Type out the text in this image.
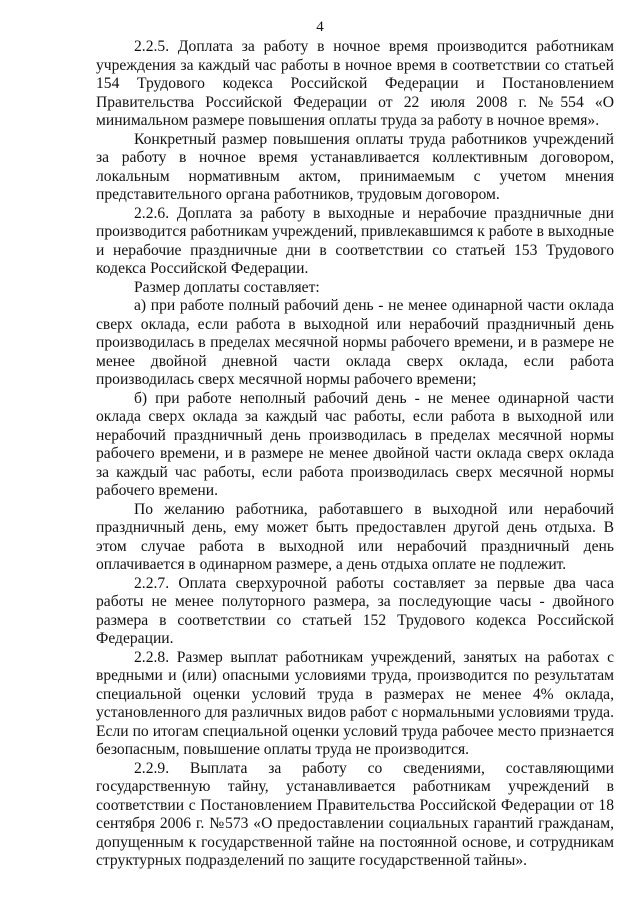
4

2.2.5. Доплата за работу в ночное время производится работникам учреждения за каждый час работы в ночное время в соответствии со статьей 154 Трудового кодекса Российской Федерации и Постановлением Правительства Российской Федерации от 22 июля 2008 г. №554 «О минимальном размере повышения оплаты труда за работу в ночное время».

Конкретный размер повышения оплаты труда работников учреждений за работу в ночное время устанавливается коллективным договором, локальным нормативным актом, принимаемым с учетом мнения представительного органа работников, трудовым договором.

2.2.6. Доплата за работу в выходные и нерабочие праздничные дни производится работникам учреждений, привлекавшимся к работе в выходные и нерабочие праздничные дни в соответствии со статьей 153 Трудового кодекса Российской Федерации.

Размер доплаты составляет:

а) при работе полный рабочий день - не менее одинарной части оклада сверх оклада, если работа в выходной или нерабочий праздничный день производилась в пределах месячной нормы рабочего времени, и в размере не менее двойной дневной части оклада сверх оклада, если работа производилась сверх месячной нормы рабочего времени;

б) при работе неполный рабочий день - не менее одинарной части оклада сверх оклада за каждый час работы, если работа в выходной или нерабочий праздничный день производилась в пределах месячной нормы рабочего времени, и в размере не менее двойной части оклада сверх оклада за каждый час работы, если работа производилась сверх месячной нормы рабочего времени.

По желанию работника, работавшего в выходной или нерабочий праздничный день, ему может быть предоставлен другой день отдыха. В этом случае работа в выходной или нерабочий праздничный день оплачивается в одинарном размере, а день отдыха оплате не подлежит.

2.2.7. Оплата сверхурочной работы составляет за первые два часа работы не менее полуторного размера, за последующие часы - двойного размера в соответствии со статьей 152 Трудового кодекса Российской Федерации.

2.2.8. Размер выплат работникам учреждений, занятых на работах с вредными и (или) опасными условиями труда, производится по результатам специальной оценки условий труда в размерах не менее 4% оклада, установленного для различных видов работ с нормальными условиями труда. Если по итогам специальной оценки условий труда рабочее место признается безопасным, повышение оплаты труда не производится.

2.2.9. Выплата за работу со сведениями, составляющими государственную тайну, устанавливается работникам учреждений в соответствии с Постановлением Правительства Российской Федерации от 18 сентября 2006 г. №573 «О предоставлении социальных гарантий гражданам, допущенным к государственной тайне на постоянной основе, и сотрудникам структурных подразделений по защите государственной тайны».
